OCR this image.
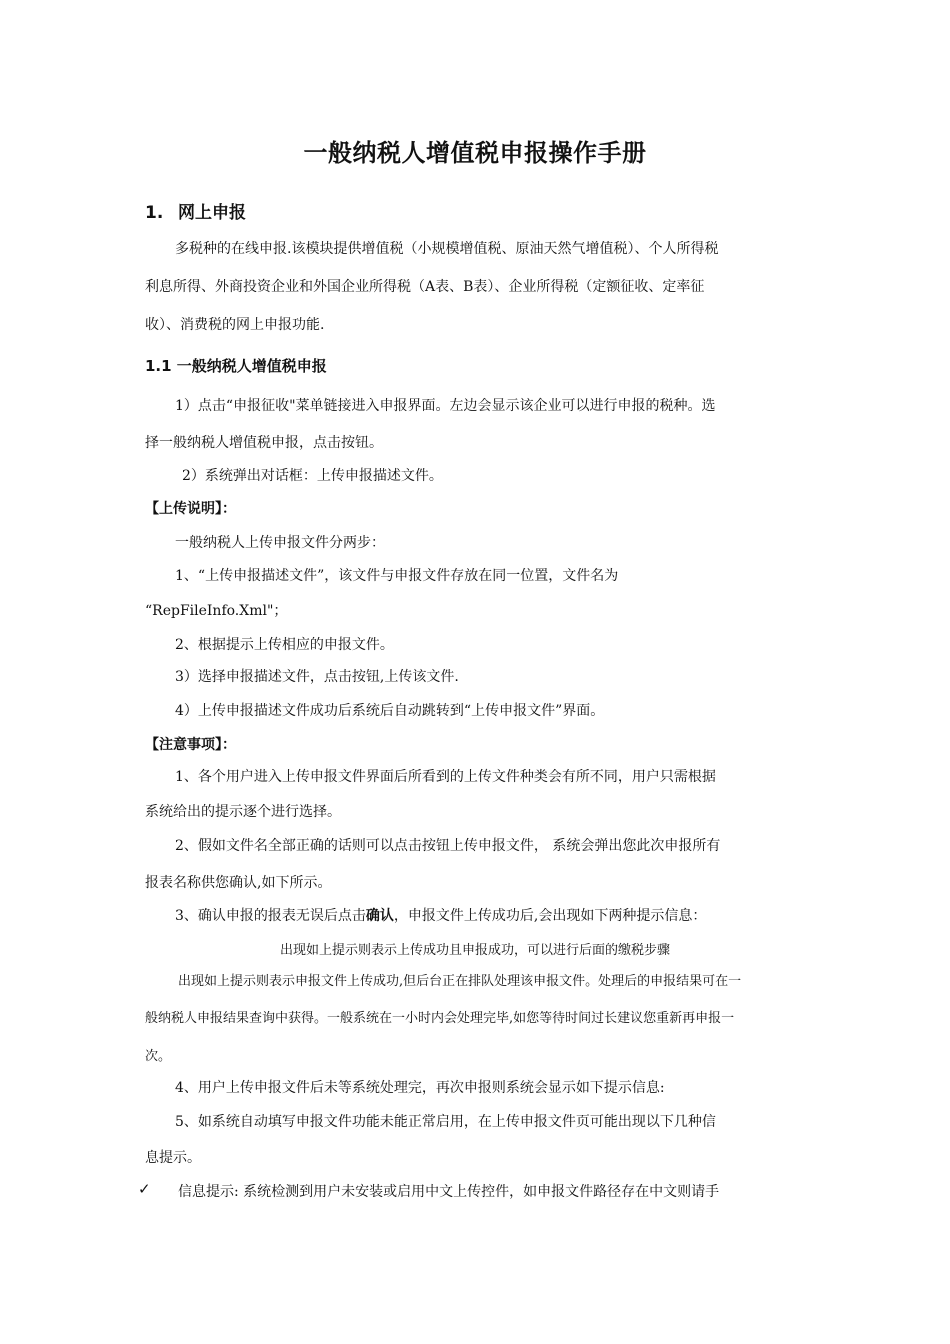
一般纳税人增值税申报操作手册
1. 网上申报

多税种的在线申报.该模块提供增值税（小规模增值税、原油天然气增值税）、个人所得税

利息所得、外商投资企业和外国企业所得税（A表、B表）、企业所得税（定额征收、定率征

收）、消费税的网上申报功能.

1.1 一般纳税人增值税申报

1）点击“申报征收"菜单链接进入申报界面。左边会显示该企业可以进行申报的税种。选

择一般纳税人增值税申报，点击按钮。

2）系统弹出对话框：上传申报描述文件。

【上传说明】：

一般纳税人上传申报文件分两步：

1、“上传申报描述文件”，该文件与申报文件存放在同一位置，文件名为

“RepFileInfo.Xml"；

2、根据提示上传相应的申报文件。

3）选择申报描述文件，点击按钮,上传该文件.

4）上传申报描述文件成功后系统后自动跳转到“上传申报文件”界面。

【注意事项】：

1、各个用户进入上传申报文件界面后所看到的上传文件种类会有所不同，用户只需根据

系统给出的提示逐个进行选择。

2、假如文件名全部正确的话则可以点击按钮上传申报文件， 系统会弹出您此次申报所有

报表名称供您确认,如下所示。

3、确认申报的报表无误后点击确认，申报文件上传成功后,会出现如下两种提示信息：

出现如上提示则表示上传成功且申报成功，可以进行后面的缴税步骤

出现如上提示则表示申报文件上传成功,但后台正在排队处理该申报文件。处理后的申报结果可在一

般纳税人申报结果查询中获得。一般系统在一小时内会处理完毕,如您等待时间过长建议您重新再申报一

次。

4、用户上传申报文件后未等系统处理完，再次申报则系统会显示如下提示信息:

5、如系统自动填写申报文件功能未能正常启用，在上传申报文件页可能出现以下几种信

息提示。

✓ 信息提示: 系统检测到用户未安装或启用中文上传控件，如申报文件路径存在中文则请手
